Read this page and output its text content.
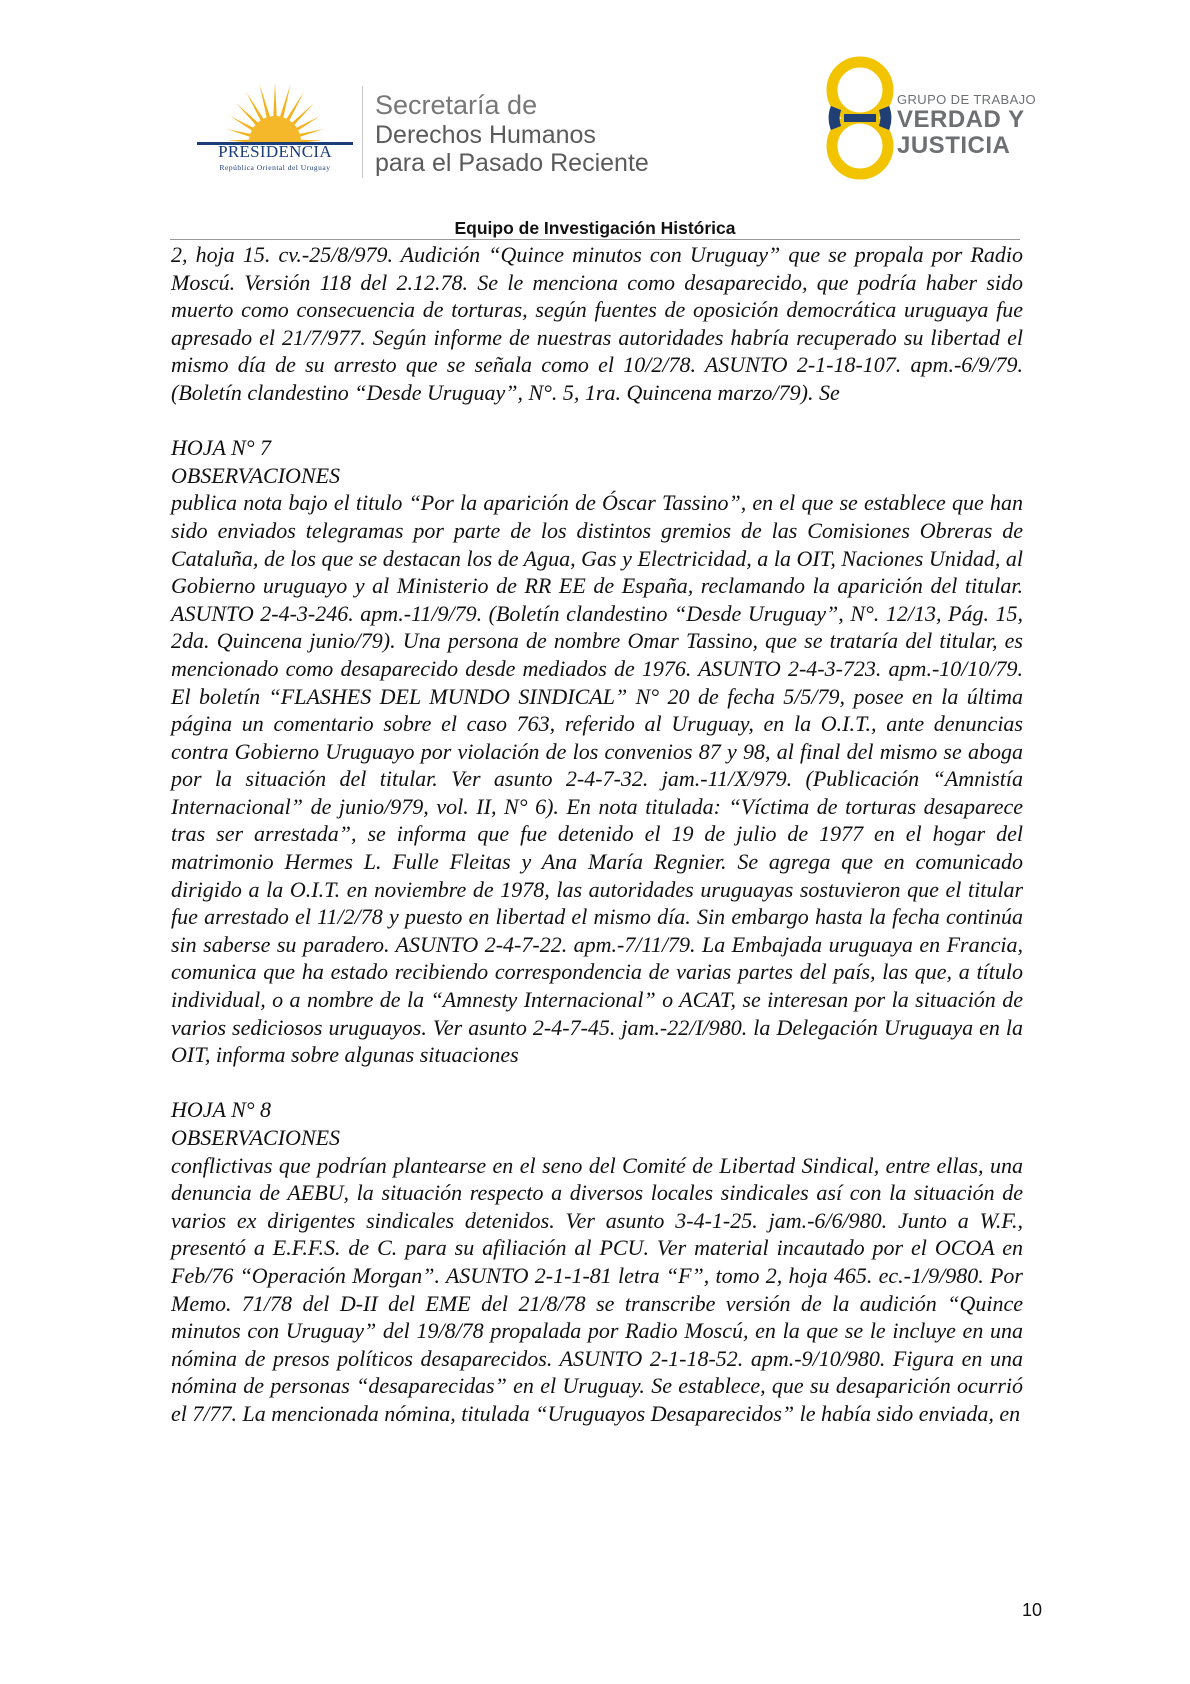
PRESIDENCIA
República Oriental del Uruguay
Secretaría de
Derechos Humanos
para el Pasado Reciente
GRUPO DE TRABAJO
VERDAD Y
JUSTICIA
Equipo de Investigación Histórica

2, hoja 15. cv.-25/8/979. Audición “Quince minutos con Uruguay” que se propala por Radio Moscú. Versión 118 del 2.12.78. Se le menciona como desaparecido, que podría haber sido muerto como consecuencia de torturas, según fuentes de oposición democrática uruguaya fue apresado el 21/7/977. Según informe de nuestras autoridades habría recuperado su libertad el mismo día de su arresto que se señala como el 10/2/78. ASUNTO 2-1-18-107. apm.-6/9/79. (Boletín clandestino “Desde Uruguay”, N°. 5, 1ra. Quincena marzo/79). Se

HOJA N° 7
OBSERVACIONES

publica nota bajo el titulo “Por la aparición de Óscar Tassino”, en el que se establece que han sido enviados telegramas por parte de los distintos gremios de las Comisiones Obreras de Cataluña, de los que se destacan los de Agua, Gas y Electricidad, a la OIT, Naciones Unidad, al Gobierno uruguayo y al Ministerio de RR EE de España, reclamando la aparición del titular. ASUNTO 2-4-3-246. apm.-11/9/79. (Boletín clandestino “Desde Uruguay”, N°. 12/13, Pág. 15, 2da. Quincena junio/79). Una persona de nombre Omar Tassino, que se trataría del titular, es mencionado como desaparecido desde mediados de 1976. ASUNTO 2-4-3-723. apm.-10/10/79. El boletín “FLASHES DEL MUNDO SINDICAL” N° 20 de fecha 5/5/79, posee en la última página un comentario sobre el caso 763, referido al Uruguay, en la O.I.T., ante denuncias contra Gobierno Uruguayo por violación de los convenios 87 y 98, al final del mismo se aboga por la situación del titular. Ver asunto 2-4-7-32. jam.-11/X/979. (Publicación “Amnistía Internacional” de junio/979, vol. II, N° 6). En nota titulada: “Víctima de torturas desaparece tras ser arrestada”, se informa que fue detenido el 19 de julio de 1977 en el hogar del matrimonio Hermes L. Fulle Fleitas y Ana María Regnier. Se agrega que en comunicado dirigido a la O.I.T. en noviembre de 1978, las autoridades uruguayas sostuvieron que el titular fue arrestado el 11/2/78 y puesto en libertad el mismo día. Sin embargo hasta la fecha continúa sin saberse su paradero. ASUNTO 2-4-7-22. apm.-7/11/79. La Embajada uruguaya en Francia, comunica que ha estado recibiendo correspondencia de varias partes del país, las que, a título individual, o a nombre de la “Amnesty Internacional” o ACAT, se interesan por la situación de varios sediciosos uruguayos. Ver asunto 2-4-7-45. jam.-22/I/980. la Delegación Uruguaya en la OIT, informa sobre algunas situaciones

HOJA N° 8
OBSERVACIONES

conflictivas que podrían plantearse en el seno del Comité de Libertad Sindical, entre ellas, una denuncia de AEBU, la situación respecto a diversos locales sindicales así con la situación de varios ex dirigentes sindicales detenidos. Ver asunto 3-4-1-25. jam.-6/6/980. Junto a W.F., presentó a E.F.F.S. de C. para su afiliación al PCU. Ver material incautado por el OCOA en Feb/76 “Operación Morgan”. ASUNTO 2-1-1-81 letra “F”, tomo 2, hoja 465. ec.-1/9/980. Por Memo. 71/78 del D-II del EME del 21/8/78 se transcribe versión de la audición “Quince minutos con Uruguay” del 19/8/78 propalada por Radio Moscú, en la que se le incluye en una nómina de presos políticos desaparecidos. ASUNTO 2-1-18-52. apm.-9/10/980. Figura en una nómina de personas “desaparecidas” en el Uruguay. Se establece, que su desaparición ocurrió el 7/77. La mencionada nómina, titulada “Uruguayos Desaparecidos” le había sido enviada, en

10
